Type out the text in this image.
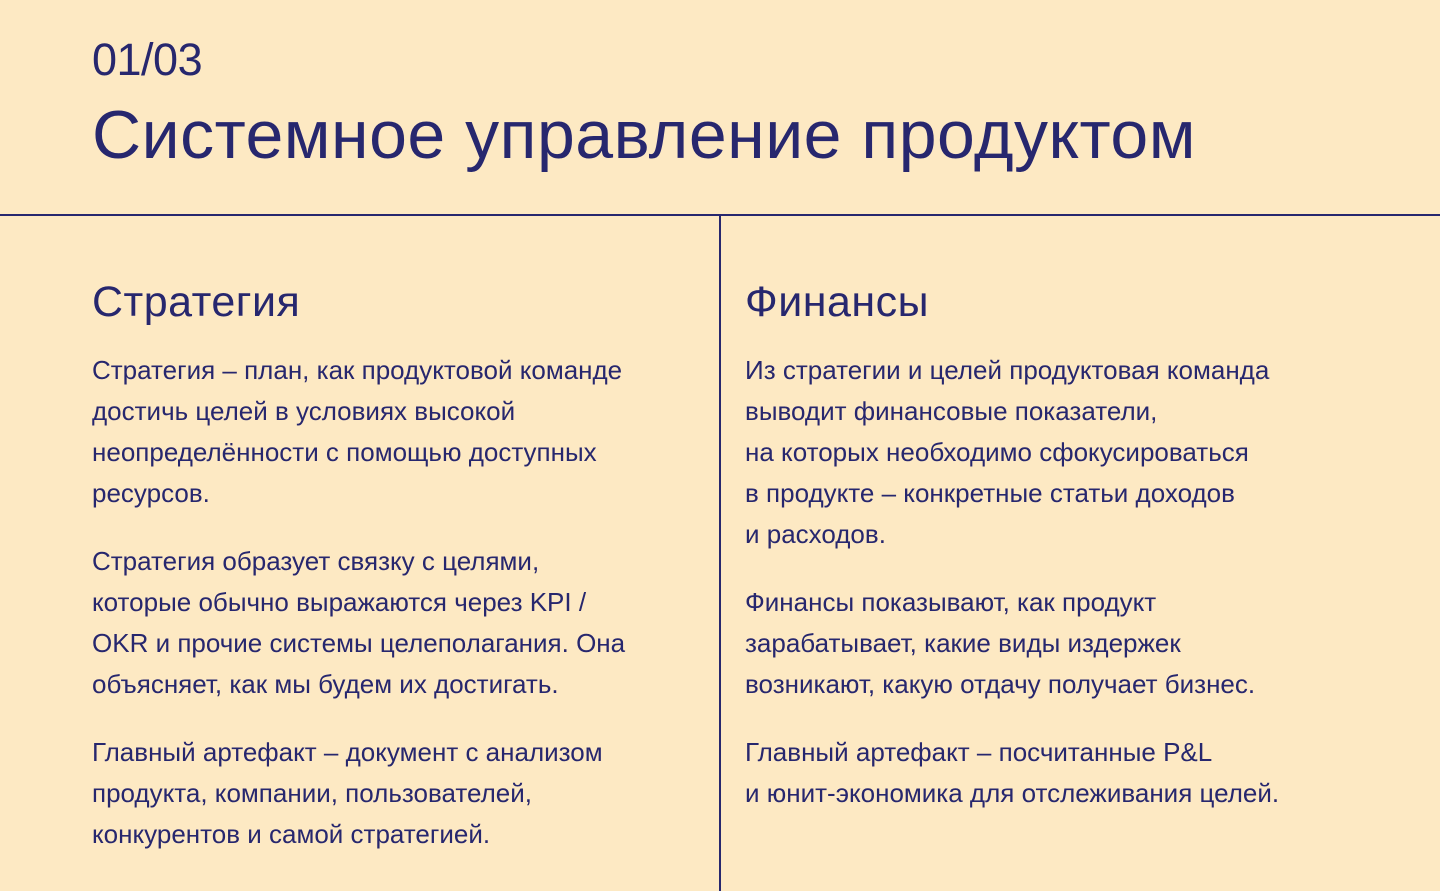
01/03
Системное управление продуктом
Стратегия

Стратегия – план, как продуктовой команде
достичь целей в условиях высокой
неопределённости с помощью доступных
ресурсов.

Стратегия образует связку с целями,
которые обычно выражаются через KPI /
OKR и прочие системы целеполагания. Она
объясняет, как мы будем их достигать.

Главный артефакт – документ с анализом
продукта, компании, пользователей,
конкурентов и самой стратегией.

Финансы

Из стратегии и целей продуктовая команда
выводит финансовые показатели,
на которых необходимо сфокусироваться
в продукте – конкретные статьи доходов
и расходов.

Финансы показывают, как продукт
зарабатывает, какие виды издержек
возникают, какую отдачу получает бизнес.

Главный артефакт – посчитанные P&L
и юнит-экономика для отслеживания целей.
